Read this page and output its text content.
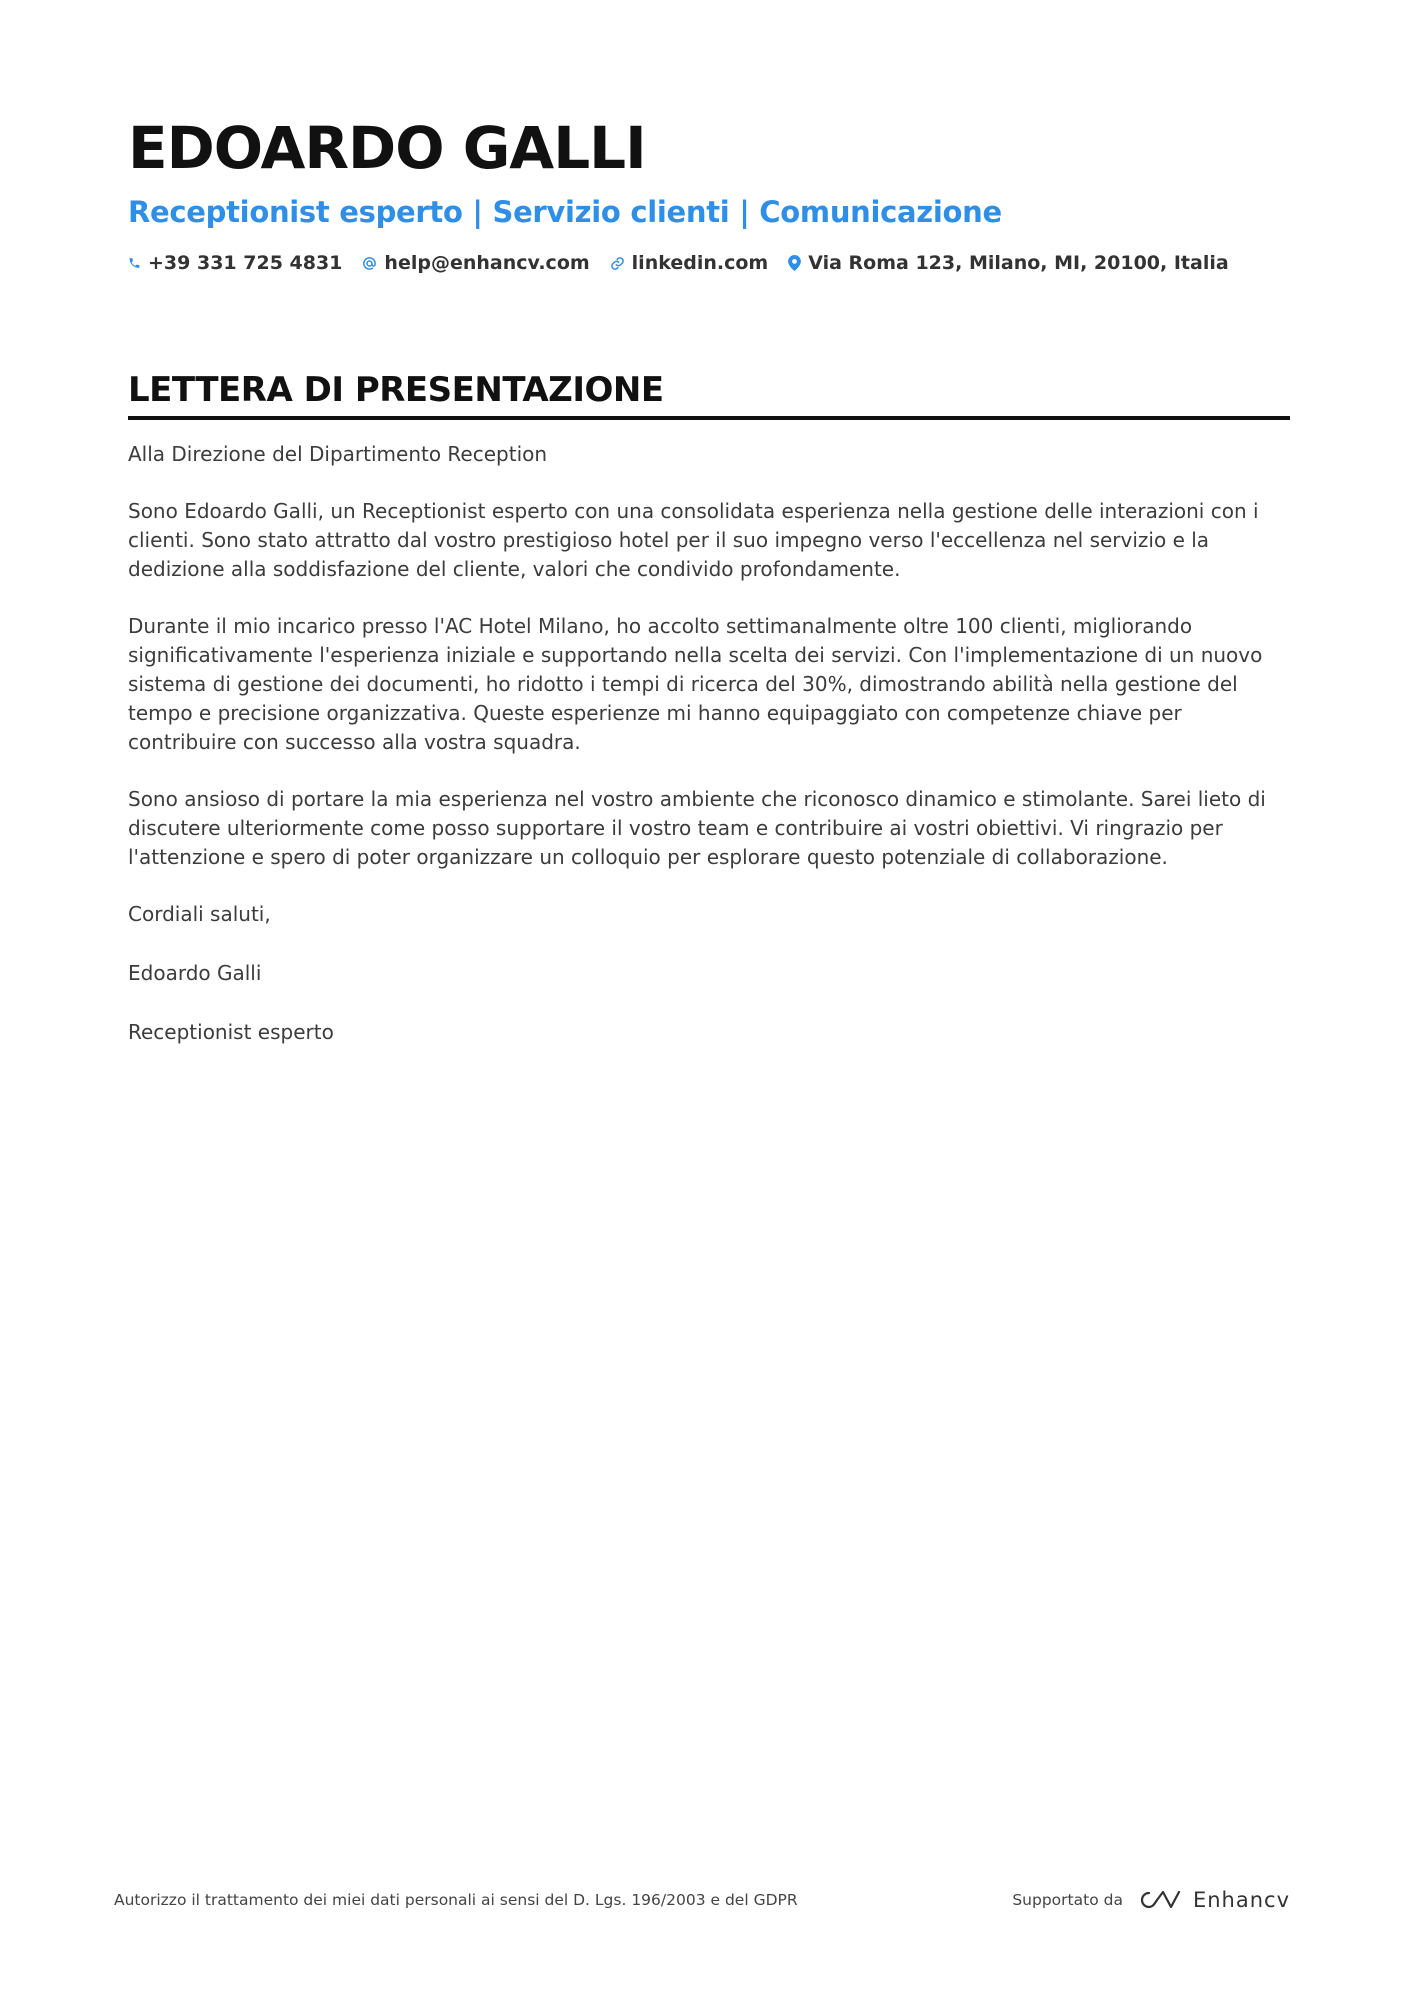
EDOARDO GALLI
Receptionist esperto | Servizio clienti | Comunicazione
+39 331 725 4831 help@enhancv.com linkedin.com Via Roma 123, Milano, MI, 20100, Italia
LETTERA DI PRESENTAZIONE

Alla Direzione del Dipartimento Reception

Sono Edoardo Galli, un Receptionist esperto con una consolidata esperienza nella gestione delle interazioni con i clienti. Sono stato attratto dal vostro prestigioso hotel per il suo impegno verso l'eccellenza nel servizio e la dedizione alla soddisfazione del cliente, valori che condivido profondamente.

Durante il mio incarico presso l'AC Hotel Milano, ho accolto settimanalmente oltre 100 clienti, migliorando significativamente l'esperienza iniziale e supportando nella scelta dei servizi. Con l'implementazione di un nuovo sistema di gestione dei documenti, ho ridotto i tempi di ricerca del 30%, dimostrando abilità nella gestione del tempo e precisione organizzativa. Queste esperienze mi hanno equipaggiato con competenze chiave per contribuire con successo alla vostra squadra.

Sono ansioso di portare la mia esperienza nel vostro ambiente che riconosco dinamico e stimolante. Sarei lieto di discutere ulteriormente come posso supportare il vostro team e contribuire ai vostri obiettivi. Vi ringrazio per l'attenzione e spero di poter organizzare un colloquio per esplorare questo potenziale di collaborazione.

Cordiali saluti,

Edoardo Galli

Receptionist esperto

Autorizzo il trattamento dei miei dati personali ai sensi del D. Lgs. 196/2003 e del GDPR	Supportato da	Enhancv
